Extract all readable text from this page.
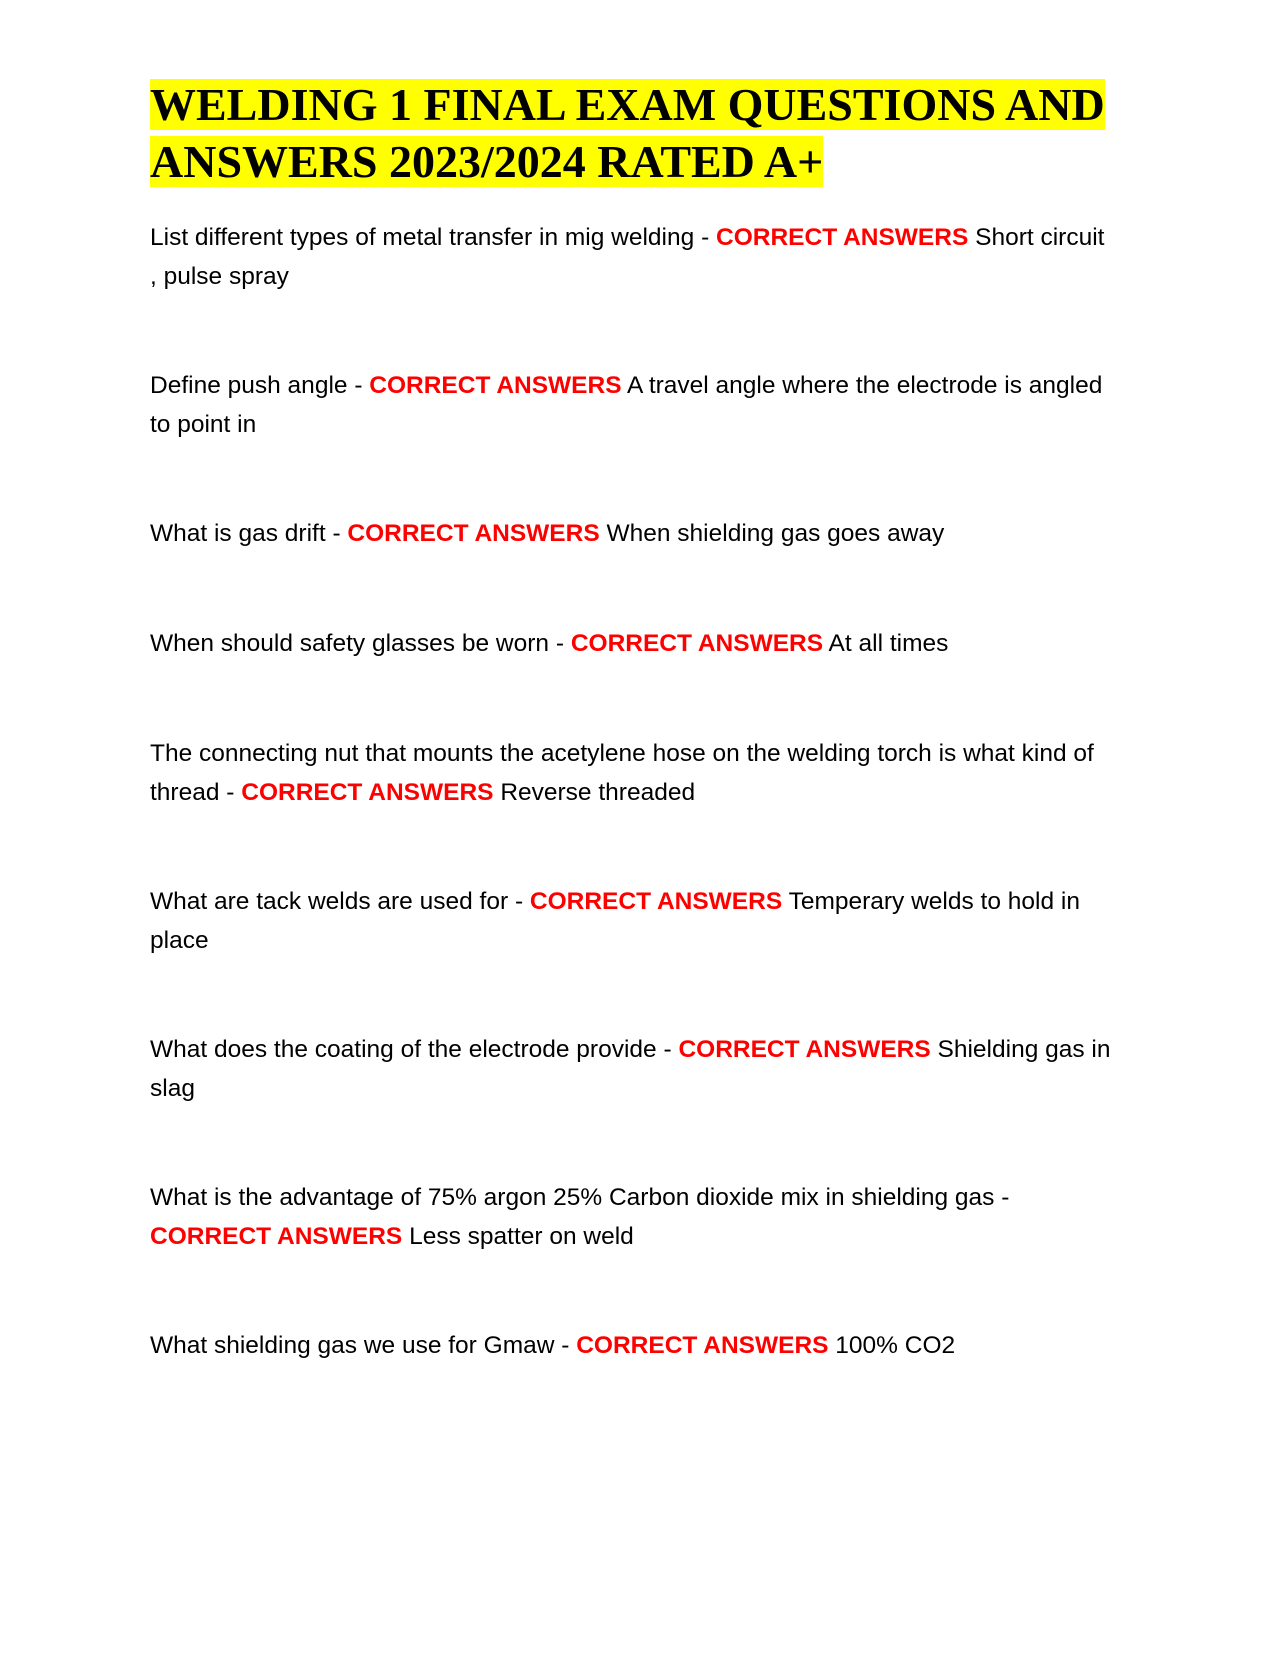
WELDING 1 FINAL EXAM QUESTIONS AND ANSWERS 2023/2024 RATED A+

List different types of metal transfer in mig welding - CORRECT ANSWERS Short circuit , pulse spray

Define push angle - CORRECT ANSWERS A travel angle where the electrode is angled to point in

What is gas drift - CORRECT ANSWERS When shielding gas goes away

When should safety glasses be worn - CORRECT ANSWERS At all times

The connecting nut that mounts the acetylene hose on the welding torch is what kind of thread - CORRECT ANSWERS Reverse threaded

What are tack welds are used for - CORRECT ANSWERS Temperary welds to hold in place

What does the coating of the electrode provide - CORRECT ANSWERS Shielding gas in slag

What is the advantage of 75% argon 25% Carbon dioxide mix in shielding gas - CORRECT ANSWERS Less spatter on weld

What shielding gas we use for Gmaw - CORRECT ANSWERS 100% CO2
